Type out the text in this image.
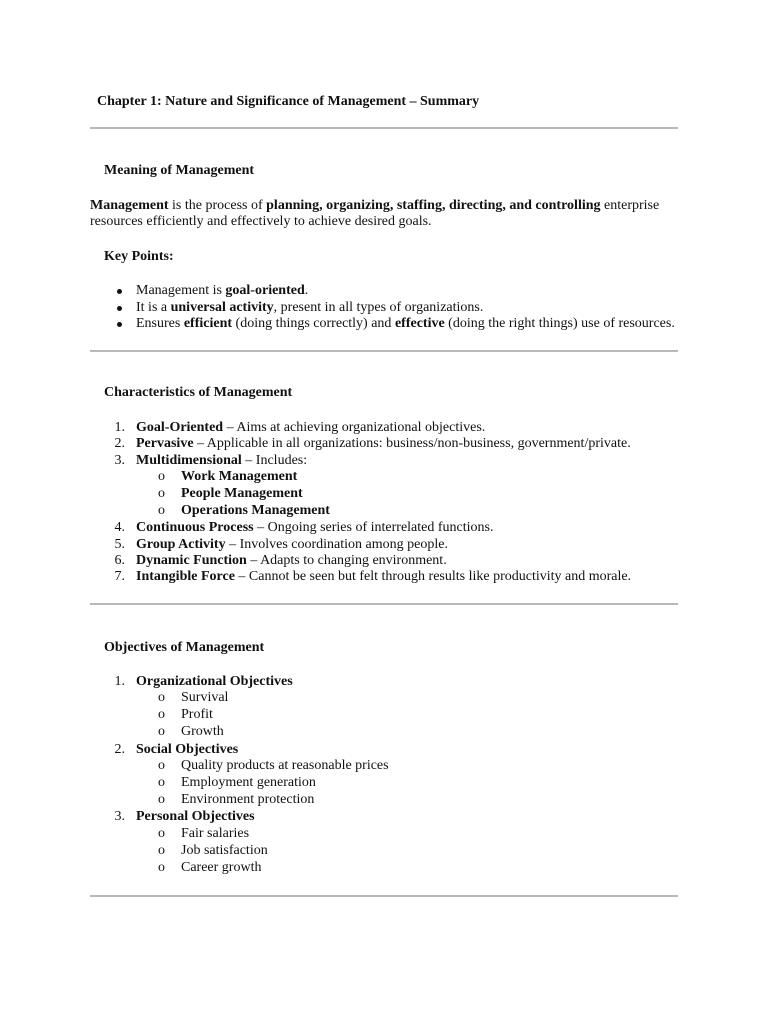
Chapter 1: Nature and Significance of Management – Summary
Meaning of Management
Management is the process of planning, organizing, staffing, directing, and controlling enterprise
resources efficiently and effectively to achieve desired goals.
Key Points:
Management is goal-oriented.
It is a universal activity, present in all types of organizations.
Ensures efficient (doing things correctly) and effective (doing the right things) use of resources.
Characteristics of Management
1. Goal-Oriented – Aims at achieving organizational objectives.
2. Pervasive – Applicable in all organizations: business/non-business, government/private.
3. Multidimensional – Includes:
o Work Management
o People Management
o Operations Management
4. Continuous Process – Ongoing series of interrelated functions.
5. Group Activity – Involves coordination among people.
6. Dynamic Function – Adapts to changing environment.
7. Intangible Force – Cannot be seen but felt through results like productivity and morale.
Objectives of Management
1. Organizational Objectives
o Survival
o Profit
o Growth
2. Social Objectives
o Quality products at reasonable prices
o Employment generation
o Environment protection
3. Personal Objectives
o Fair salaries
o Job satisfaction
o Career growth
